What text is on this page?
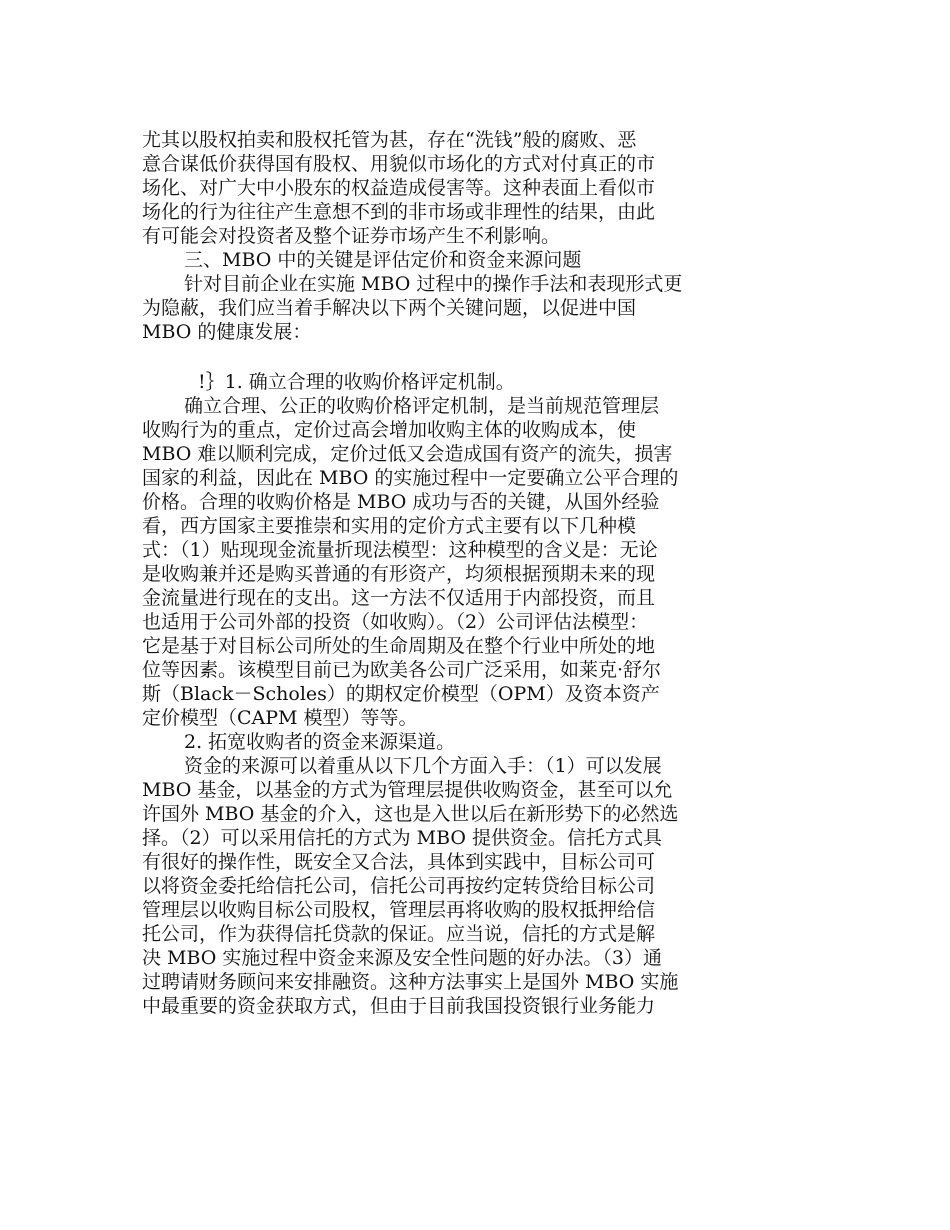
尤其以股权拍卖和股权托管为甚，存在“洗钱”般的腐败、恶
意合谋低价获得国有股权、用貌似市场化的方式对付真正的市
场化、对广大中小股东的权益造成侵害等。这种表面上看似市
场化的行为往往产生意想不到的非市场或非理性的结果，由此
有可能会对投资者及整个证券市场产生不利影响。
三、MBO 中的关键是评估定价和资金来源问题
针对目前企业在实施 MBO 过程中的操作手法和表现形式更
为隐蔽，我们应当着手解决以下两个关键问题，以促进中国
MBO 的健康发展：
!｝1. 确立合理的收购价格评定机制。
确立合理、公正的收购价格评定机制，是当前规范管理层
收购行为的重点，定价过高会增加收购主体的收购成本，使
MBO 难以顺利完成，定价过低又会造成国有资产的流失，损害
国家的利益，因此在 MBO 的实施过程中一定要确立公平合理的
价格。合理的收购价格是 MBO 成功与否的关键，从国外经验
看，西方国家主要推崇和实用的定价方式主要有以下几种模
式：（1）贴现现金流量折现法模型：这种模型的含义是：无论
是收购兼并还是购买普通的有形资产，均须根据预期未来的现
金流量进行现在的支出。这一方法不仅适用于内部投资，而且
也适用于公司外部的投资（如收购）。（2）公司评估法模型：
它是基于对目标公司所处的生命周期及在整个行业中所处的地
位等因素。该模型目前已为欧美各公司广泛采用，如莱克·舒尔
斯（Black－Scholes）的期权定价模型（OPM）及资本资产
定价模型（CAPM 模型）等等。
2. 拓宽收购者的资金来源渠道。
资金的来源可以着重从以下几个方面入手：（1）可以发展
MBO 基金，以基金的方式为管理层提供收购资金，甚至可以允
许国外 MBO 基金的介入，这也是入世以后在新形势下的必然选
择。（2）可以采用信托的方式为 MBO 提供资金。信托方式具
有很好的操作性，既安全又合法，具体到实践中，目标公司可
以将资金委托给信托公司，信托公司再按约定转贷给目标公司
管理层以收购目标公司股权，管理层再将收购的股权抵押给信
托公司，作为获得信托贷款的保证。应当说，信托的方式是解
决 MBO 实施过程中资金来源及安全性问题的好办法。（3）通
过聘请财务顾问来安排融资。这种方法事实上是国外 MBO 实施
中最重要的资金获取方式，但由于目前我国投资银行业务能力
